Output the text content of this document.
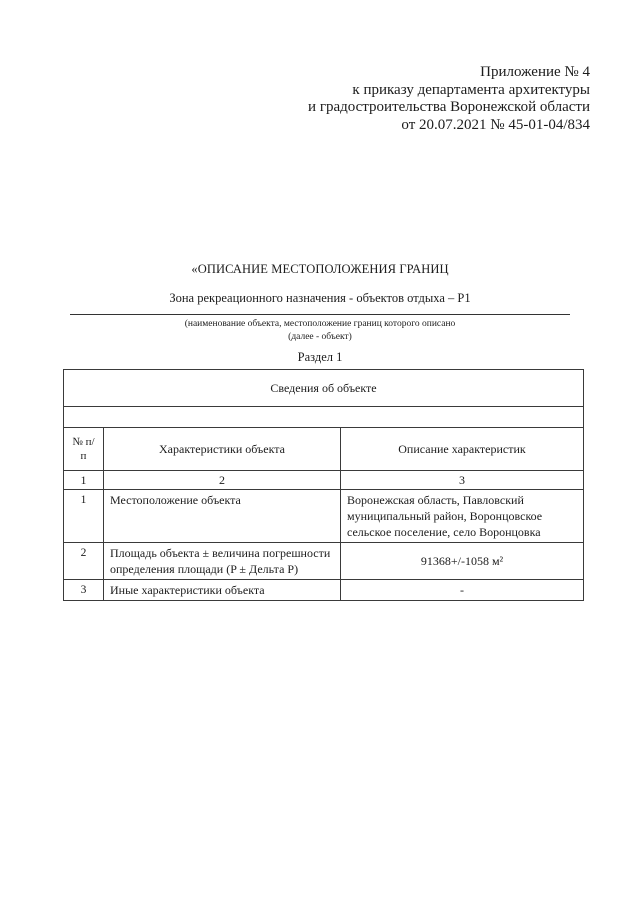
Приложение № 4
к приказу департамента архитектуры
и градостроительства Воронежской области
от 20.07.2021 № 45-01-04/834
«ОПИСАНИЕ МЕСТОПОЛОЖЕНИЯ ГРАНИЦ
Зона рекреационного назначения - объектов отдыха – Р1
(наименование объекта, местоположение границ которого описано
(далее - объект)
Раздел 1
Сведения об объекте		

№ п/п	Характеристики объекта	Описание характеристик
1	2	3
1	Местоположение объекта	Воронежская область, Павловский муниципальный район, Воронцовское сельское поселение, село Воронцовка
2	Площадь объекта ± величина погрешности определения площади (P ± Дельта P)	91368+/-1058 м²
3	Иные характеристики объекта	-
